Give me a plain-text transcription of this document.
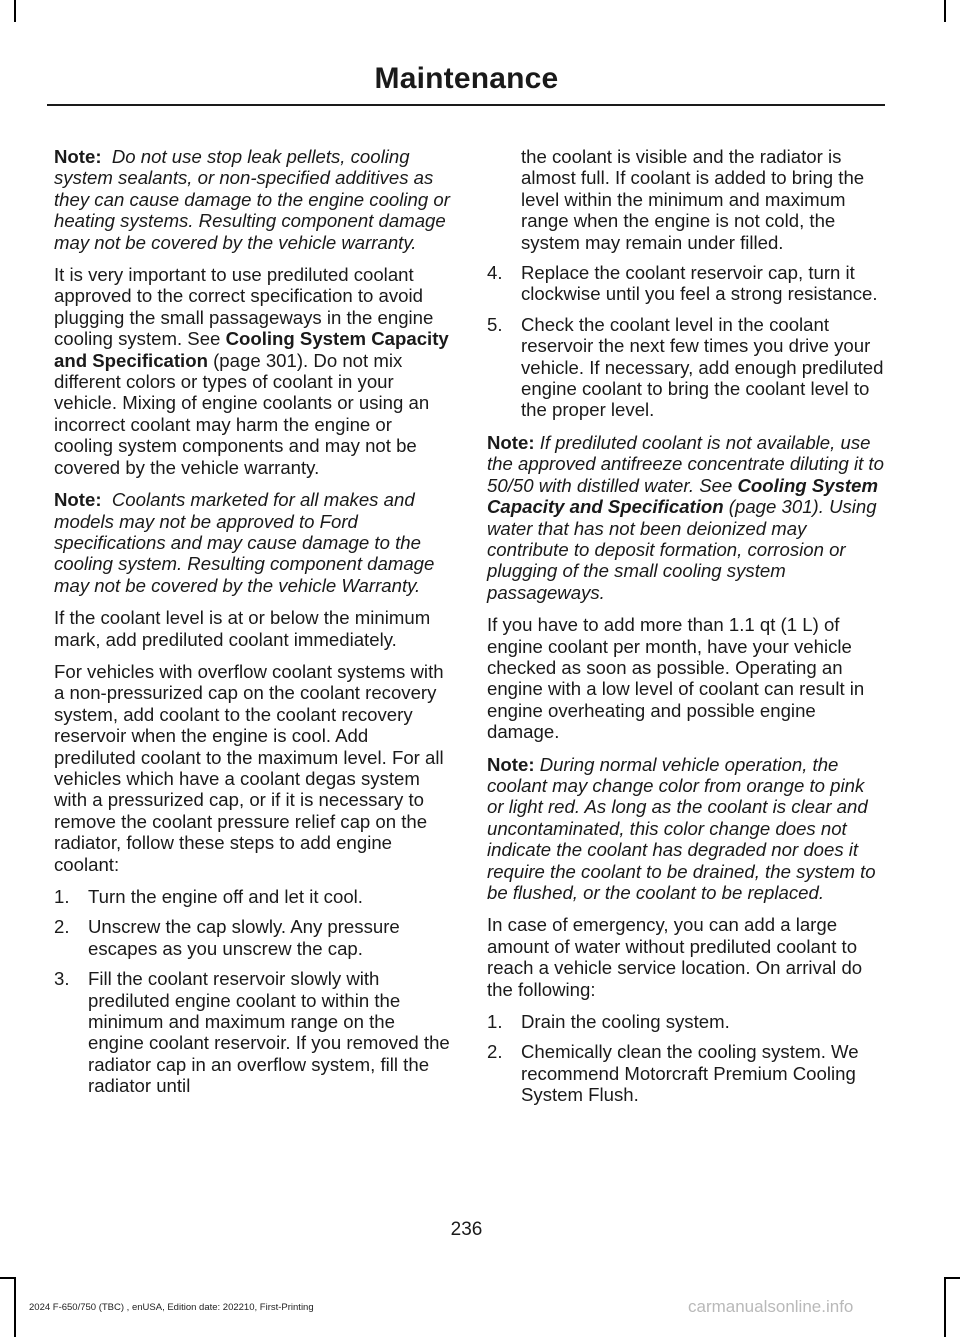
Maintenance

Note: Do not use stop leak pellets, cooling system sealants, or non-specified additives as they can cause damage to the engine cooling or heating systems. Resulting component damage may not be covered by the vehicle warranty.

It is very important to use prediluted coolant approved to the correct specification to avoid plugging the small passageways in the engine cooling system. See Cooling System Capacity and Specification (page 301). Do not mix different colors or types of coolant in your vehicle. Mixing of engine coolants or using an incorrect coolant may harm the engine or cooling system components and may not be covered by the vehicle warranty.

Note: Coolants marketed for all makes and models may not be approved to Ford specifications and may cause damage to the cooling system. Resulting component damage may not be covered by the vehicle Warranty.

If the coolant level is at or below the minimum mark, add prediluted coolant immediately.

For vehicles with overflow coolant systems with a non-pressurized cap on the coolant recovery system, add coolant to the coolant recovery reservoir when the engine is cool. Add prediluted coolant to the maximum level. For all vehicles which have a coolant degas system with a pressurized cap, or if it is necessary to remove the coolant pressure relief cap on the radiator, follow these steps to add engine coolant:

1. Turn the engine off and let it cool.
2. Unscrew the cap slowly. Any pressure escapes as you unscrew the cap.
3. Fill the coolant reservoir slowly with prediluted engine coolant to within the minimum and maximum range on the engine coolant reservoir. If you removed the radiator cap in an overflow system, fill the radiator until
the coolant is visible and the radiator is almost full. If coolant is added to bring the level within the minimum and maximum range when the engine is not cold, the system may remain under filled.
4. Replace the coolant reservoir cap, turn it clockwise until you feel a strong resistance.
5. Check the coolant level in the coolant reservoir the next few times you drive your vehicle. If necessary, add enough prediluted engine coolant to bring the coolant level to the proper level.

Note: If prediluted coolant is not available, use the approved antifreeze concentrate diluting it to 50/50 with distilled water. See Cooling System Capacity and Specification (page 301). Using water that has not been deionized may contribute to deposit formation, corrosion or plugging of the small cooling system passageways.

If you have to add more than 1.1 qt (1 L) of engine coolant per month, have your vehicle checked as soon as possible. Operating an engine with a low level of coolant can result in engine overheating and possible engine damage.

Note: During normal vehicle operation, the coolant may change color from orange to pink or light red. As long as the coolant is clear and uncontaminated, this color change does not indicate the coolant has degraded nor does it require the coolant to be drained, the system to be flushed, or the coolant to be replaced.

In case of emergency, you can add a large amount of water without prediluted coolant to reach a vehicle service location. On arrival do the following:

1. Drain the cooling system.
2. Chemically clean the cooling system. We recommend Motorcraft Premium Cooling System Flush.
236
2024 F-650/750 (TBC) , enUSA, Edition date: 202210, First-Printing	carmanualsonline.info
